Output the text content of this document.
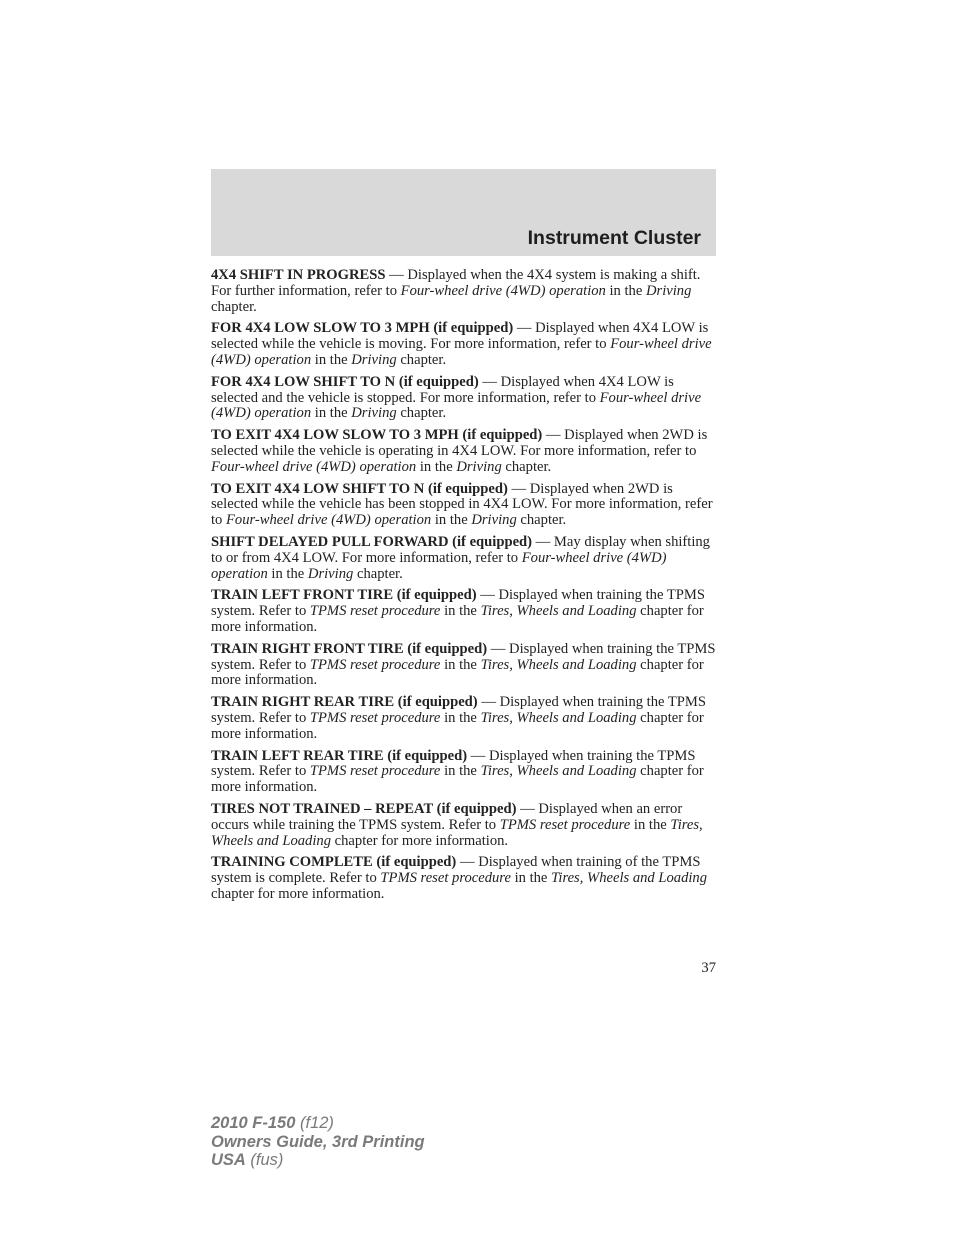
Instrument Cluster

4X4 SHIFT IN PROGRESS — Displayed when the 4X4 system is making a shift. For further information, refer to Four-wheel drive (4WD) operation in the Driving chapter.

FOR 4X4 LOW SLOW TO 3 MPH (if equipped) — Displayed when 4X4 LOW is selected while the vehicle is moving. For more information, refer to Four-wheel drive (4WD) operation in the Driving chapter.

FOR 4X4 LOW SHIFT TO N (if equipped) — Displayed when 4X4 LOW is selected and the vehicle is stopped. For more information, refer to Four-wheel drive (4WD) operation in the Driving chapter.

TO EXIT 4X4 LOW SLOW TO 3 MPH (if equipped) — Displayed when 2WD is selected while the vehicle is operating in 4X4 LOW. For more information, refer to Four-wheel drive (4WD) operation in the Driving chapter.

TO EXIT 4X4 LOW SHIFT TO N (if equipped) — Displayed when 2WD is selected while the vehicle has been stopped in 4X4 LOW. For more information, refer to Four-wheel drive (4WD) operation in the Driving chapter.

SHIFT DELAYED PULL FORWARD (if equipped) — May display when shifting to or from 4X4 LOW. For more information, refer to Four-wheel drive (4WD) operation in the Driving chapter.

TRAIN LEFT FRONT TIRE (if equipped) — Displayed when training the TPMS system. Refer to TPMS reset procedure in the Tires, Wheels and Loading chapter for more information.

TRAIN RIGHT FRONT TIRE (if equipped) — Displayed when training the TPMS system. Refer to TPMS reset procedure in the Tires, Wheels and Loading chapter for more information.

TRAIN RIGHT REAR TIRE (if equipped) — Displayed when training the TPMS system. Refer to TPMS reset procedure in the Tires, Wheels and Loading chapter for more information.

TRAIN LEFT REAR TIRE (if equipped) — Displayed when training the TPMS system. Refer to TPMS reset procedure in the Tires, Wheels and Loading chapter for more information.

TIRES NOT TRAINED – REPEAT (if equipped) — Displayed when an error occurs while training the TPMS system. Refer to TPMS reset procedure in the Tires, Wheels and Loading chapter for more information.

TRAINING COMPLETE (if equipped) — Displayed when training of the TPMS system is complete. Refer to TPMS reset procedure in the Tires, Wheels and Loading chapter for more information.

37
2010 F-150 (f12)
Owners Guide, 3rd Printing
USA (fus)
